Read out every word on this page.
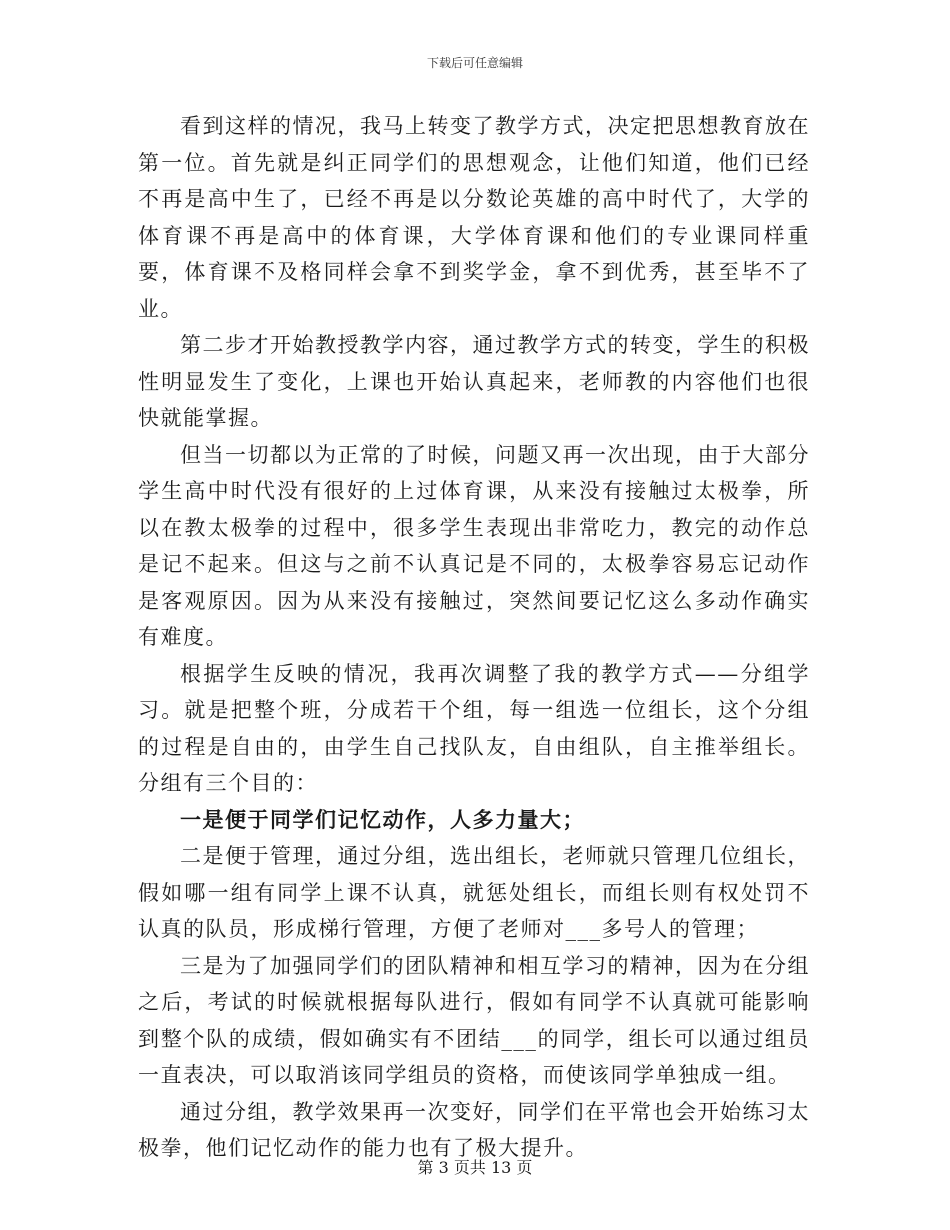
下载后可任意编辑

看到这样的情况，我马上转变了教学方式，决定把思想教育放在第一位。首先就是纠正同学们的思想观念，让他们知道，他们已经不再是高中生了，已经不再是以分数论英雄的高中时代了，大学的体育课不再是高中的体育课，大学体育课和他们的专业课同样重要，体育课不及格同样会拿不到奖学金，拿不到优秀，甚至毕不了业。

第二步才开始教授教学内容，通过教学方式的转变，学生的积极性明显发生了变化，上课也开始认真起来，老师教的内容他们也很快就能掌握。

但当一切都以为正常的了时候，问题又再一次出现，由于大部分学生高中时代没有很好的上过体育课，从来没有接触过太极拳，所以在教太极拳的过程中，很多学生表现出非常吃力，教完的动作总是记不起来。但这与之前不认真记是不同的，太极拳容易忘记动作是客观原因。因为从来没有接触过，突然间要记忆这么多动作确实有难度。

根据学生反映的情况，我再次调整了我的教学方式——分组学习。就是把整个班，分成若干个组，每一组选一位组长，这个分组的过程是自由的，由学生自己找队友，自由组队，自主推举组长。分组有三个目的：

一是便于同学们记忆动作，人多力量大；

二是便于管理，通过分组，选出组长，老师就只管理几位组长，假如哪一组有同学上课不认真，就惩处组长，而组长则有权处罚不认真的队员，形成梯行管理，方便了老师对___多号人的管理；

三是为了加强同学们的团队精神和相互学习的精神，因为在分组之后，考试的时候就根据每队进行，假如有同学不认真就可能影响到整个队的成绩，假如确实有不团结___的同学，组长可以通过组员一直表决，可以取消该同学组员的资格，而使该同学单独成一组。

通过分组，教学效果再一次变好，同学们在平常也会开始练习太极拳，他们记忆动作的能力也有了极大提升。

第 3 页共 13 页
